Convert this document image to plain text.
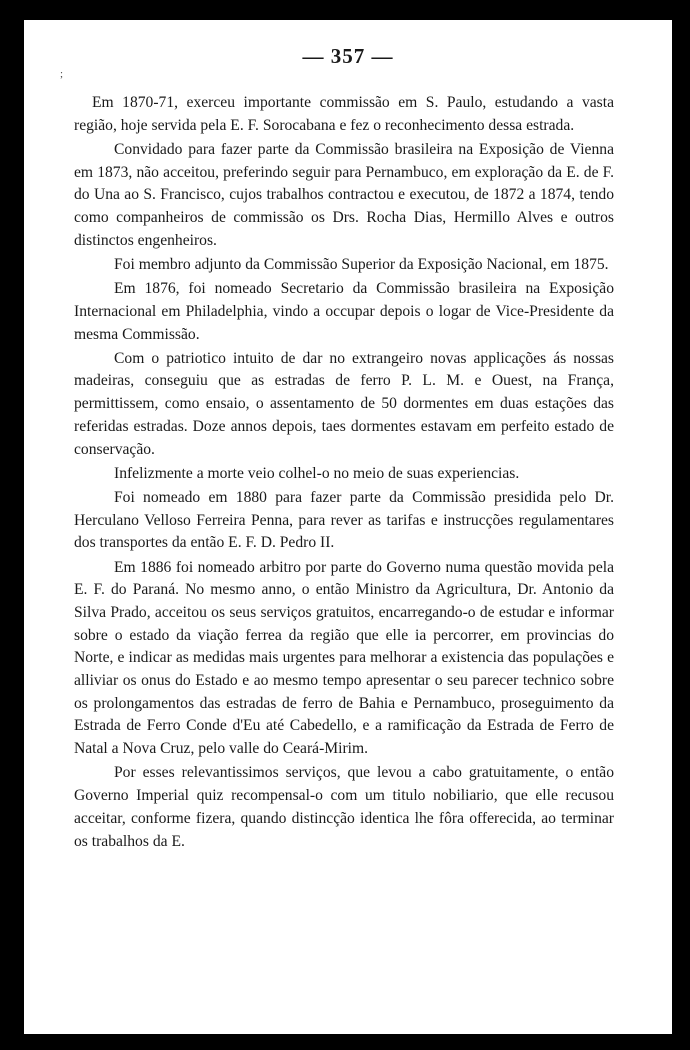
;
— 357 —

Em 1870-71, exerceu importante commissão em S. Paulo, estudando a vasta região, hoje servida pela E. F. Sorocabana e fez o reconhecimento dessa estrada.

Convidado para fazer parte da Commissão brasileira na Exposição de Vienna em 1873, não acceitou, preferindo seguir para Pernambuco, em exploração da E. de F. do Una ao S. Francisco, cujos trabalhos contractou e executou, de 1872 a 1874, tendo como companheiros de commissão os Drs. Rocha Dias, Hermillo Alves e outros distinctos engenheiros.

Foi membro adjunto da Commissão Superior da Exposição Nacional, em 1875.

Em 1876, foi nomeado Secretario da Commissão brasileira na Exposição Internacional em Philadelphia, vindo a occupar depois o logar de Vice-Presidente da mesma Commissão.

Com o patriotico intuito de dar no extrangeiro novas applicações ás nossas madeiras, conseguiu que as estradas de ferro P. L. M. e Ouest, na França, permittissem, como ensaio, o assentamento de 50 dormentes em duas estações das referidas estradas. Doze annos depois, taes dormentes estavam em perfeito estado de conservação.

Infelizmente a morte veio colhel-o no meio de suas experiencias.

Foi nomeado em 1880 para fazer parte da Commissão presidida pelo Dr. Herculano Velloso Ferreira Penna, para rever as tarifas e instrucções regulamentares dos transportes da então E. F. D. Pedro II.

Em 1886 foi nomeado arbitro por parte do Governo numa questão movida pela E. F. do Paraná. No mesmo anno, o então Ministro da Agricultura, Dr. Antonio da Silva Prado, acceitou os seus serviços gratuitos, encarregando-o de estudar e informar sobre o estado da viação ferrea da região que elle ia percorrer, em provincias do Norte, e indicar as medidas mais urgentes para melhorar a existencia das populações e alliviar os onus do Estado e ao mesmo tempo apresentar o seu parecer technico sobre os prolongamentos das estradas de ferro de Bahia e Pernambuco, proseguimento da Estrada de Ferro Conde d'Eu até Cabedello, e a ramificação da Estrada de Ferro de Natal a Nova Cruz, pelo valle do Ceará-Mirim.

Por esses relevantissimos serviços, que levou a cabo gratuitamente, o então Governo Imperial quiz recompensal-o com um titulo nobiliario, que elle recusou acceitar, conforme fizera, quando distincção identica lhe fôra offerecida, ao terminar os trabalhos da E.
